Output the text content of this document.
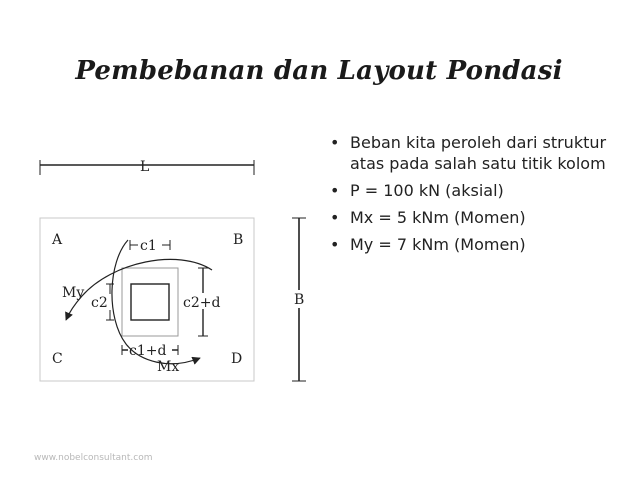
Pembebanan dan Layout Pondasi
L
B
A	B
C	D
c1
c2	c2+d
c1+d
Mx
My
• Beban kita peroleh dari struktur atas pada salah satu titik kolom
• P = 100 kN (aksial)
• Mx = 5 kNm (Momen)
• My = 7 kNm (Momen)
www.nobelconsultant.com
